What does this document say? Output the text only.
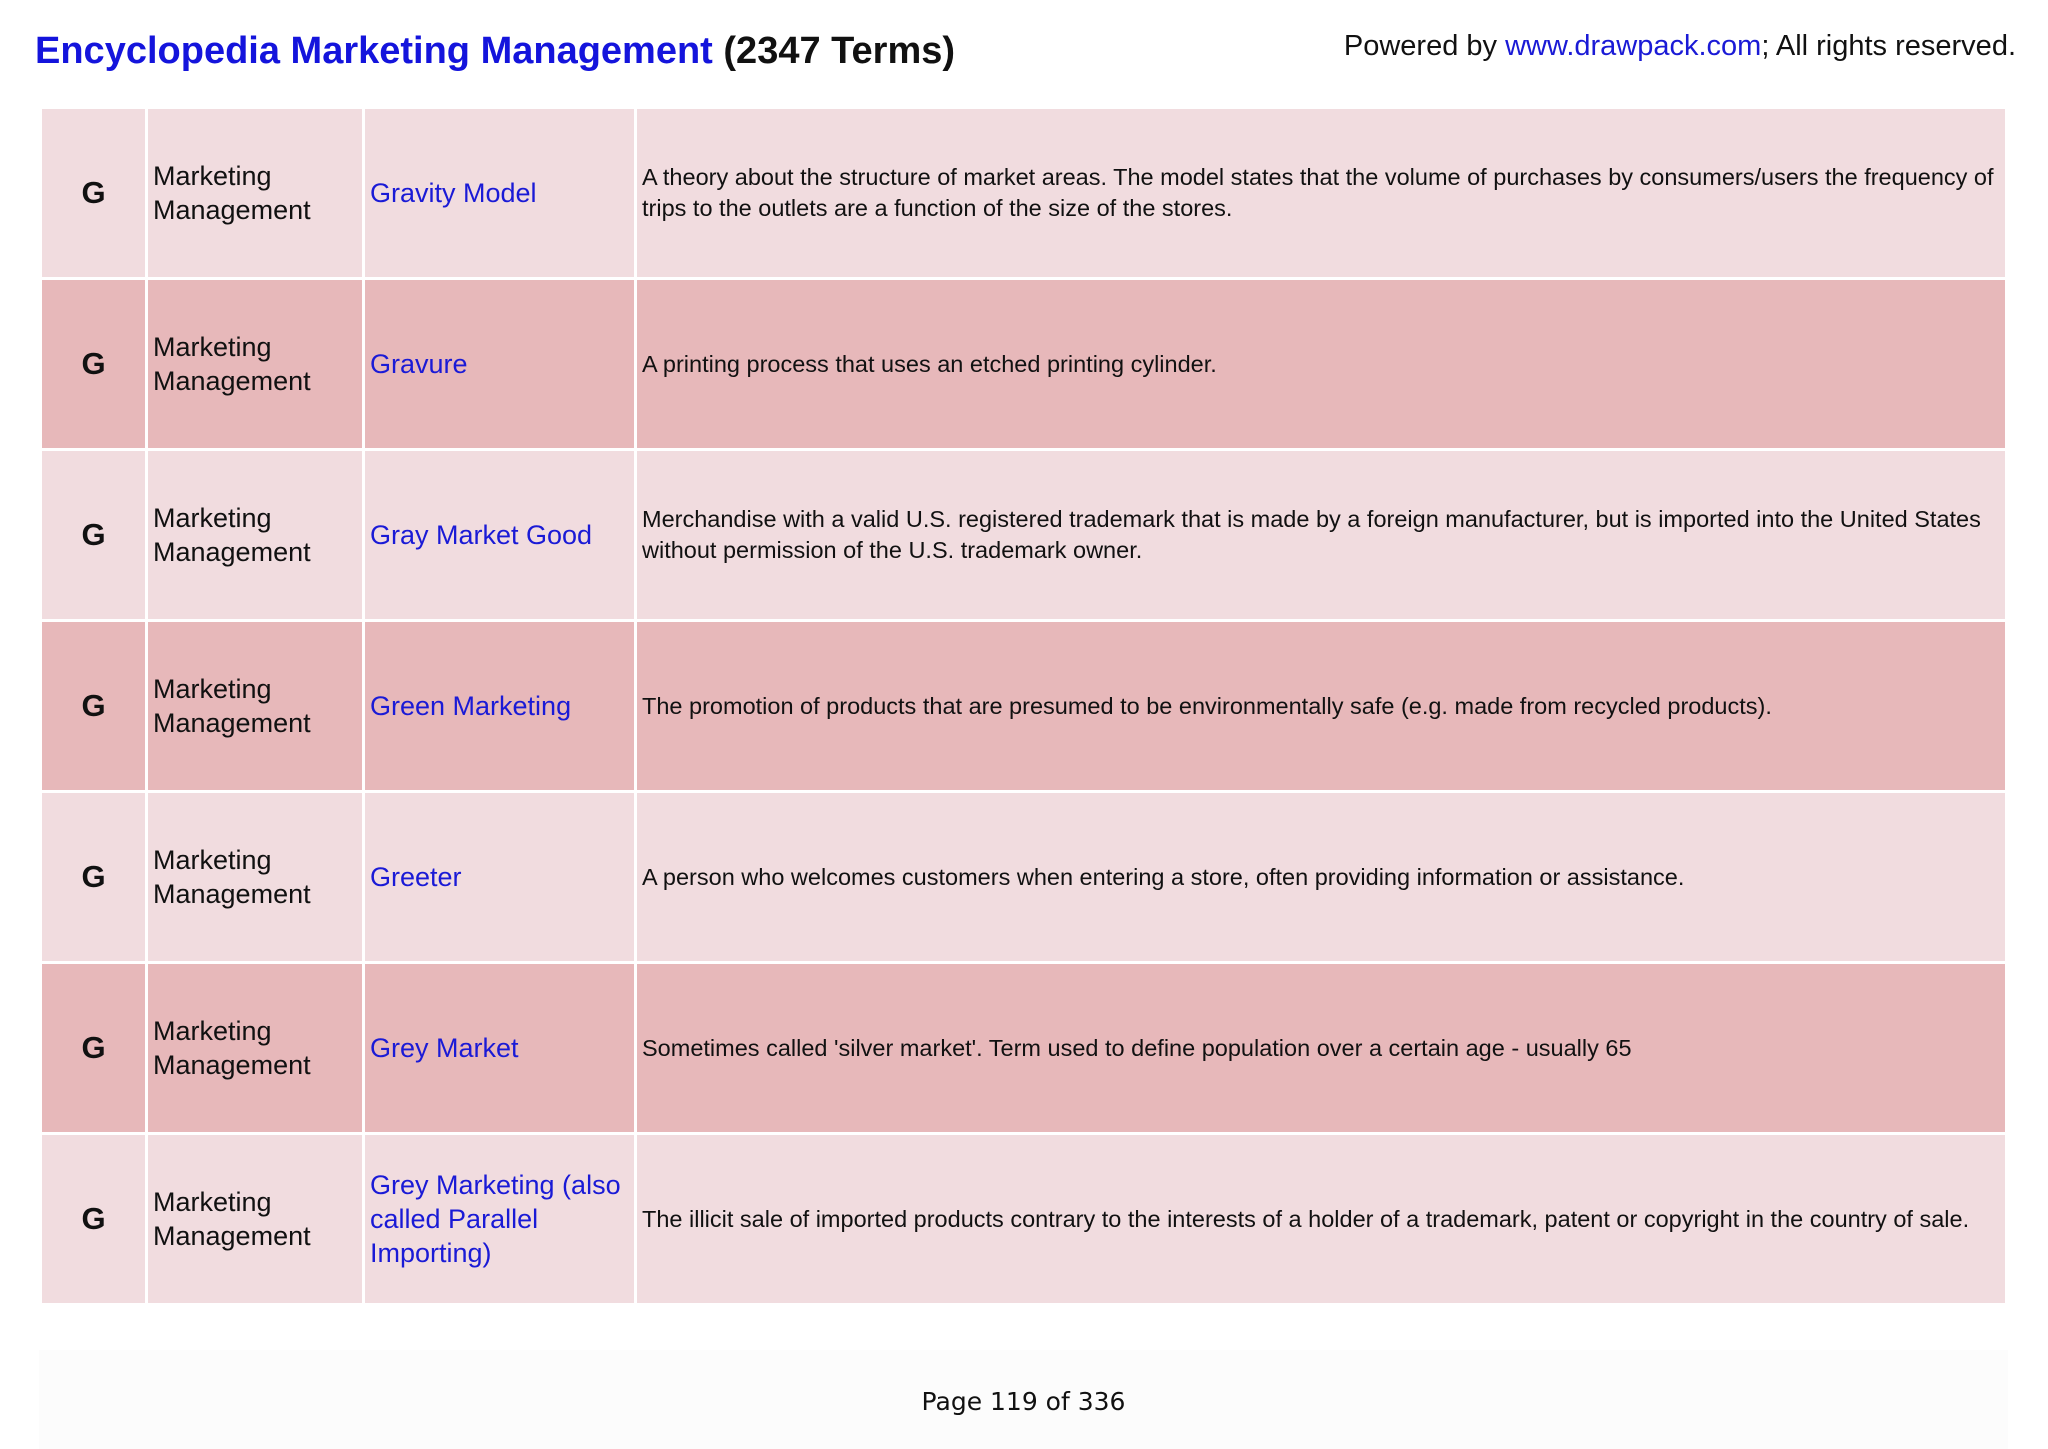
Encyclopedia Marketing Management (2347 Terms)	Powered by www.drawpack.com; All rights reserved.
G	Marketing Management	Gravity Model	A theory about the structure of market areas. The model states that the volume of purchases by consumers/users the frequency of trips to the outlets are a function of the size of the stores.
G	Marketing Management	Gravure	A printing process that uses an etched printing cylinder.
G	Marketing Management	Gray Market Good	Merchandise with a valid U.S. registered trademark that is made by a foreign manufacturer, but is imported into the United States without permission of the U.S. trademark owner.
G	Marketing Management	Green Marketing	The promotion of products that are presumed to be environmentally safe (e.g. made from recycled products).
G	Marketing Management	Greeter	A person who welcomes customers when entering a store, often providing information or assistance.
G	Marketing Management	Grey Market	Sometimes called 'silver market'. Term used to define population over a certain age - usually 65
G	Marketing Management	Grey Marketing (also called Parallel Importing)	The illicit sale of imported products contrary to the interests of a holder of a trademark, patent or copyright in the country of sale.
Page 119 of 336
